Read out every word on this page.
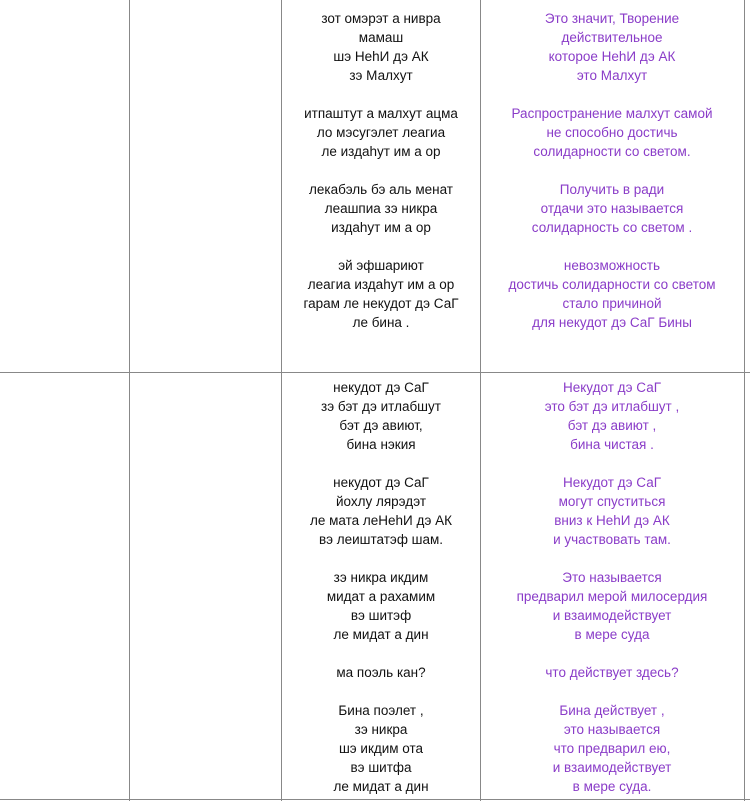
зот омэрэт а нивра
мамаш
шэ НеhИ дэ АК
зэ Малхут
итпаштут а малхут ацма
ло мэсугэлет леагиа
ле издаhут им а ор
лекабэль бэ аль менат
леашпиа зэ никра
издаhут им а ор
эй эфшариют
леагиа издаhут им а ор
гарам ле некудот дэ СаГ
ле бина .
Это значит, Творение
действительное
которое НеhИ дэ АК
это Малхут
Распространение малхут самой
не способно достичь
солидарности со светом.
Получить в ради
отдачи это называется
солидарность со светом .
невозможность
достичь солидарности со светом
стало причиной
для некудот дэ СаГ Бины
некудот дэ СаГ
зэ бэт дэ итлабшут
бэт дэ авиют,
бина нэкия
некудот дэ СаГ
йохлу лярэдэт
ле мата леНеhИ дэ АК
вэ леиштатэф шам.
зэ никра икдим
мидат а рахамим
вэ шитэф
ле мидат а дин
ма поэль кан?
Бина поэлет ,
зэ никра
шэ икдим ота
вэ шитфа
ле мидат а дин
Некудот дэ СаГ
это бэт дэ итлабшут ,
бэт дэ авиют ,
бина чистая .
Некудот дэ СаГ
могут спуститься
вниз к НеhИ дэ АК
и участвовать там.
Это называется
предварил мерой милосердия
и взаимодействует
в мере суда
что действует здесь?
Бина действует ,
это называется
что предварил ею,
и взаимодействует
в мере суда.
